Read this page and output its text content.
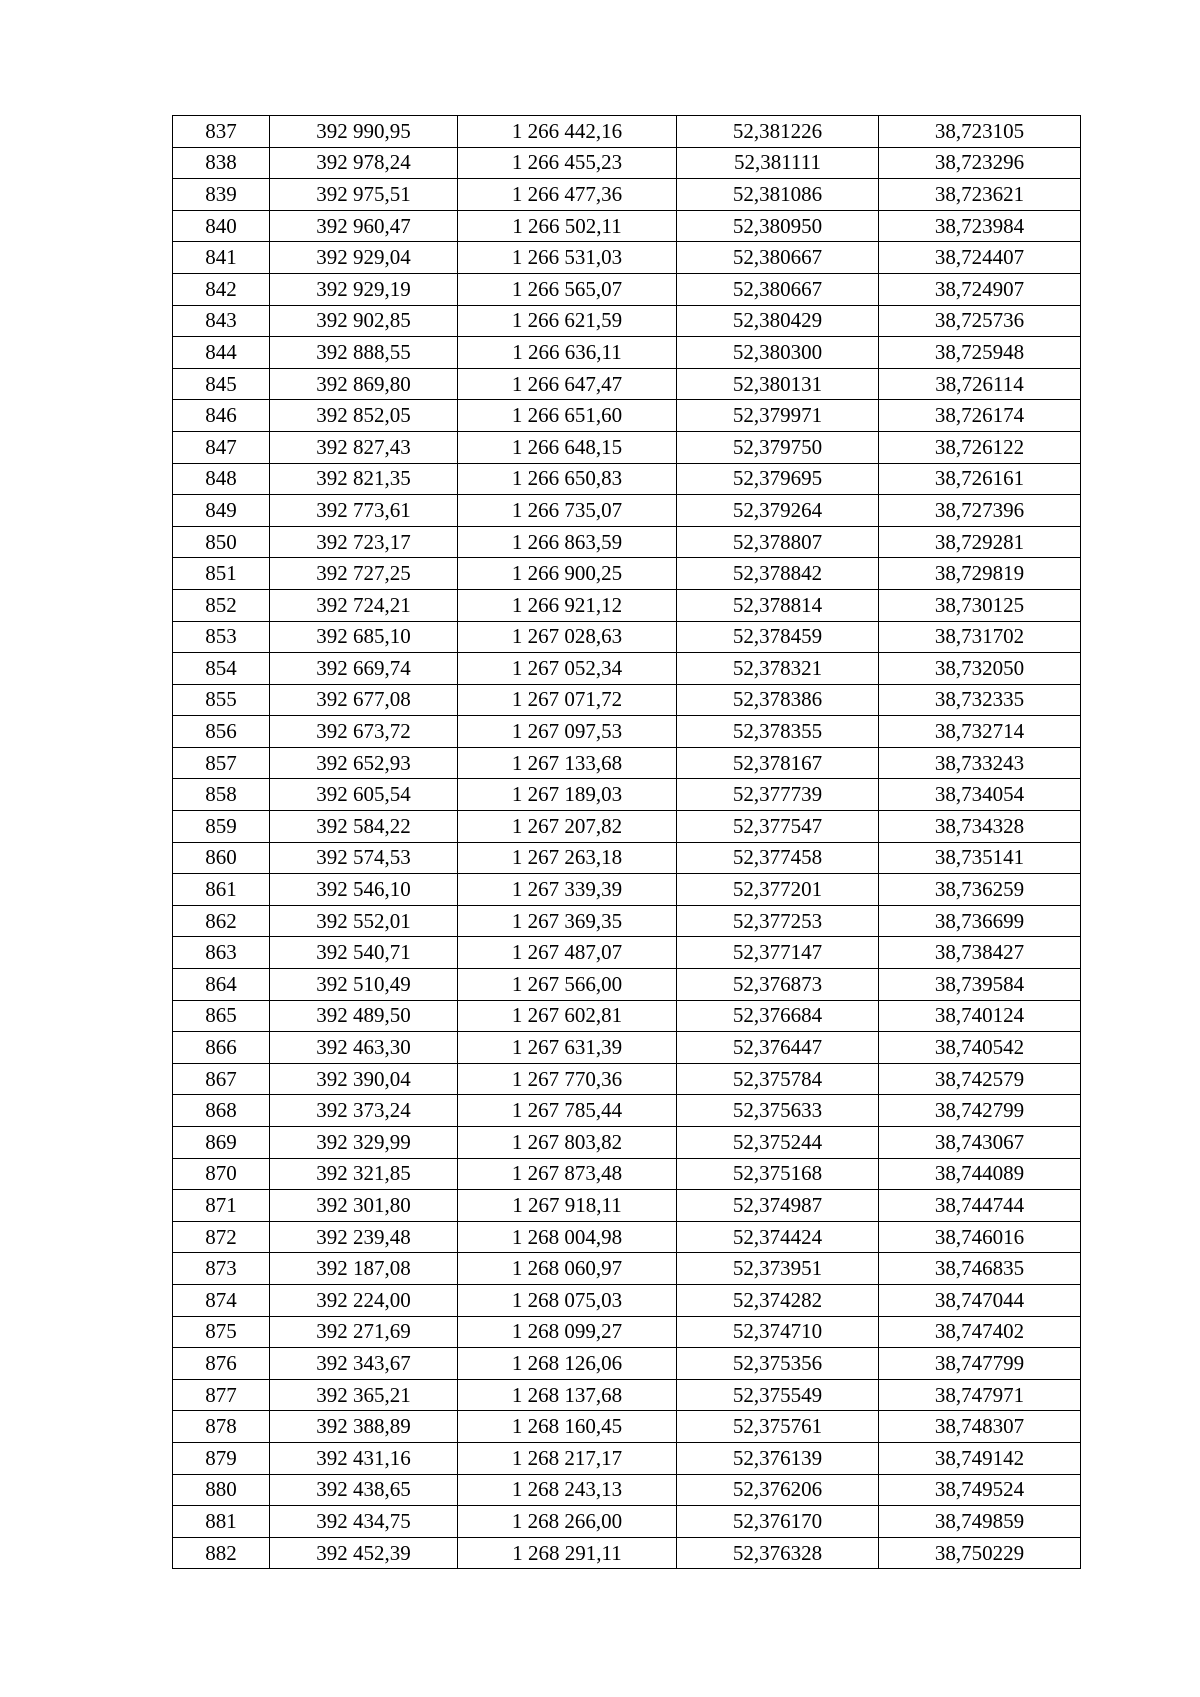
837	392 990,95	1 266 442,16	52,381226	38,723105
838	392 978,24	1 266 455,23	52,381111	38,723296
839	392 975,51	1 266 477,36	52,381086	38,723621
840	392 960,47	1 266 502,11	52,380950	38,723984
841	392 929,04	1 266 531,03	52,380667	38,724407
842	392 929,19	1 266 565,07	52,380667	38,724907
843	392 902,85	1 266 621,59	52,380429	38,725736
844	392 888,55	1 266 636,11	52,380300	38,725948
845	392 869,80	1 266 647,47	52,380131	38,726114
846	392 852,05	1 266 651,60	52,379971	38,726174
847	392 827,43	1 266 648,15	52,379750	38,726122
848	392 821,35	1 266 650,83	52,379695	38,726161
849	392 773,61	1 266 735,07	52,379264	38,727396
850	392 723,17	1 266 863,59	52,378807	38,729281
851	392 727,25	1 266 900,25	52,378842	38,729819
852	392 724,21	1 266 921,12	52,378814	38,730125
853	392 685,10	1 267 028,63	52,378459	38,731702
854	392 669,74	1 267 052,34	52,378321	38,732050
855	392 677,08	1 267 071,72	52,378386	38,732335
856	392 673,72	1 267 097,53	52,378355	38,732714
857	392 652,93	1 267 133,68	52,378167	38,733243
858	392 605,54	1 267 189,03	52,377739	38,734054
859	392 584,22	1 267 207,82	52,377547	38,734328
860	392 574,53	1 267 263,18	52,377458	38,735141
861	392 546,10	1 267 339,39	52,377201	38,736259
862	392 552,01	1 267 369,35	52,377253	38,736699
863	392 540,71	1 267 487,07	52,377147	38,738427
864	392 510,49	1 267 566,00	52,376873	38,739584
865	392 489,50	1 267 602,81	52,376684	38,740124
866	392 463,30	1 267 631,39	52,376447	38,740542
867	392 390,04	1 267 770,36	52,375784	38,742579
868	392 373,24	1 267 785,44	52,375633	38,742799
869	392 329,99	1 267 803,82	52,375244	38,743067
870	392 321,85	1 267 873,48	52,375168	38,744089
871	392 301,80	1 267 918,11	52,374987	38,744744
872	392 239,48	1 268 004,98	52,374424	38,746016
873	392 187,08	1 268 060,97	52,373951	38,746835
874	392 224,00	1 268 075,03	52,374282	38,747044
875	392 271,69	1 268 099,27	52,374710	38,747402
876	392 343,67	1 268 126,06	52,375356	38,747799
877	392 365,21	1 268 137,68	52,375549	38,747971
878	392 388,89	1 268 160,45	52,375761	38,748307
879	392 431,16	1 268 217,17	52,376139	38,749142
880	392 438,65	1 268 243,13	52,376206	38,749524
881	392 434,75	1 268 266,00	52,376170	38,749859
882	392 452,39	1 268 291,11	52,376328	38,750229
